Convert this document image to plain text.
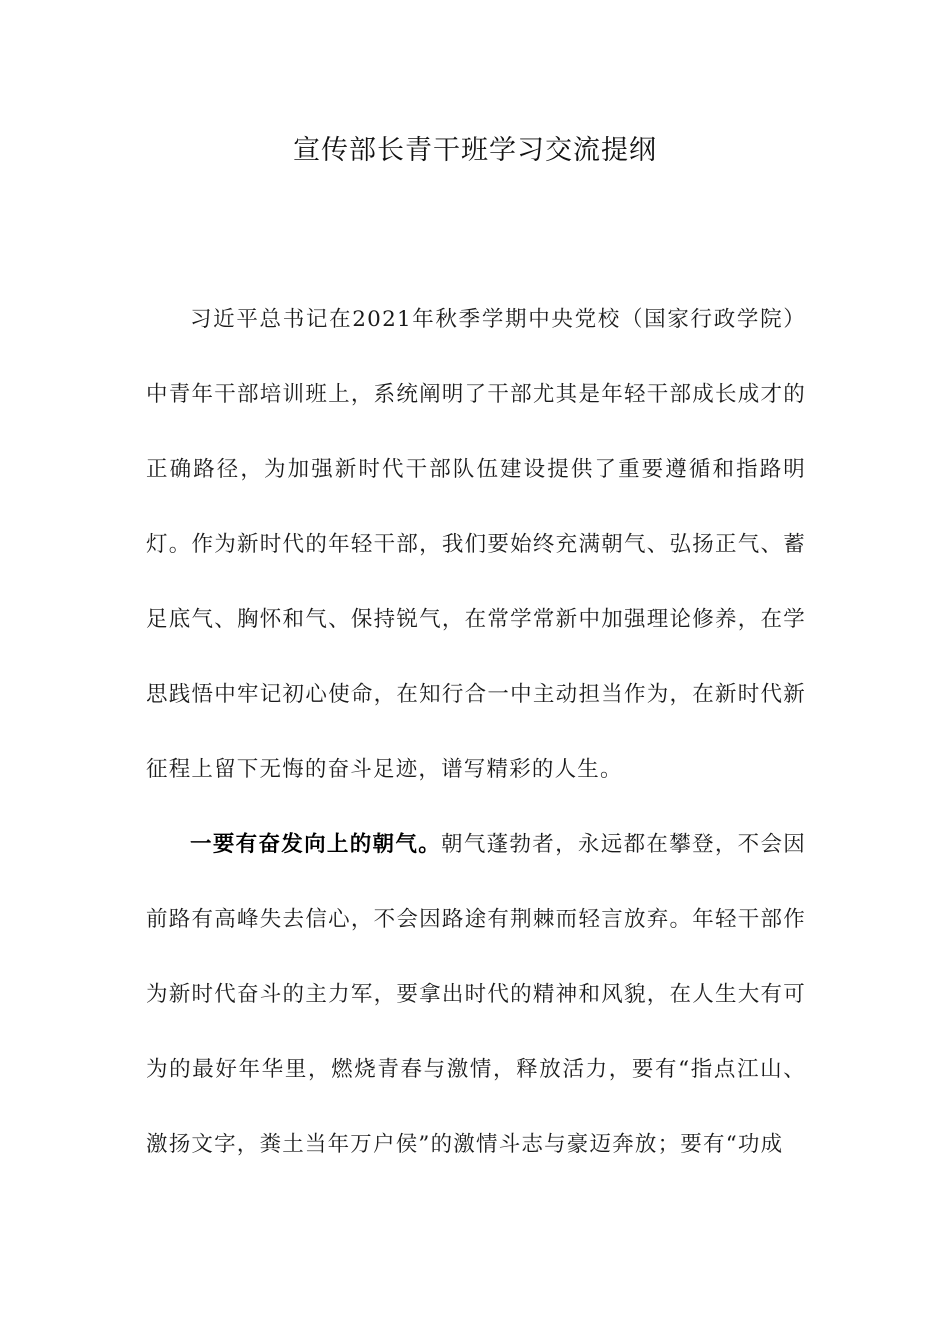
宣传部长青干班学习交流提纲

习近平总书记在2021年秋季学期中央党校（国家行政学院）中青年干部培训班上，系统阐明了干部尤其是年轻干部成长成才的正确路径，为加强新时代干部队伍建设提供了重要遵循和指路明灯。作为新时代的年轻干部，我们要始终充满朝气、弘扬正气、蓄足底气、胸怀和气、保持锐气，在常学常新中加强理论修养，在学思践悟中牢记初心使命，在知行合一中主动担当作为，在新时代新征程上留下无悔的奋斗足迹，谱写精彩的人生。

一要有奋发向上的朝气。朝气蓬勃者，永远都在攀登，不会因前路有高峰失去信心，不会因路途有荆棘而轻言放弃。年轻干部作为新时代奋斗的主力军，要拿出时代的精神和风貌，在人生大有可为的最好年华里，燃烧青春与激情，释放活力，要有“指点江山、激扬文字，粪土当年万户侯”的激情斗志与豪迈奔放；要有“功成
